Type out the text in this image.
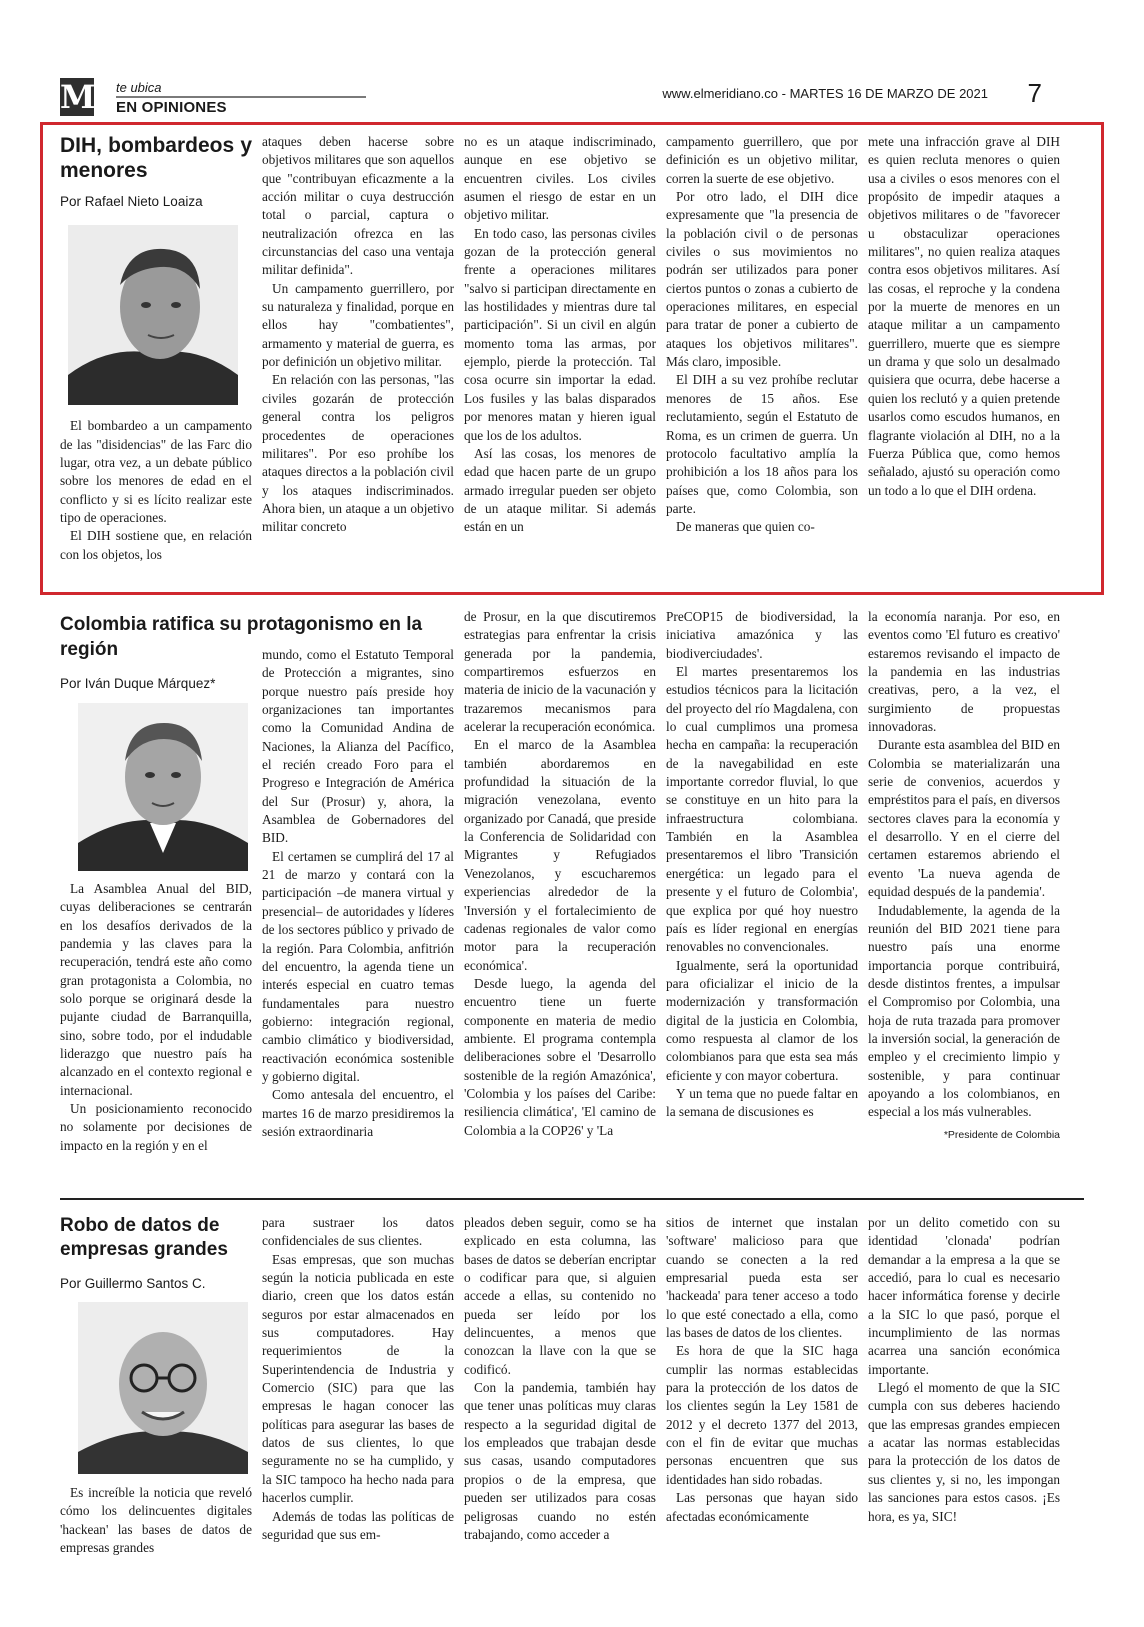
M te ubica
EN OPINIONES
www.elmeridiano.co - MARTES 16 DE MARZO DE 2021 7
DIH, bombardeos y menores
Por Rafael Nieto Loaiza

El bombardeo a un campamento de las "disidencias" de las Farc dio lugar, otra vez, a un debate público sobre los menores de edad en el conflicto y si es lícito realizar este tipo de operaciones.

El DIH sostiene que, en relación con los objetos, los

ataques deben hacerse sobre objetivos militares que son aquellos que "contribuyan eficazmente a la acción militar o cuya destrucción total o parcial, captura o neutralización ofrezca en las circunstancias del caso una ventaja militar definida".

Un campamento guerrillero, por su naturaleza y finalidad, porque en ellos hay "combatientes", armamento y material de guerra, es por definición un objetivo militar.

En relación con las personas, "las civiles gozarán de protección general contra los peligros procedentes de operaciones militares". Por eso prohíbe los ataques directos a la población civil y los ataques indiscriminados. Ahora bien, un ataque a un objetivo militar concreto

no es un ataque indiscriminado, aunque en ese objetivo se encuentren civiles. Los civiles asumen el riesgo de estar en un objetivo militar.

En todo caso, las personas civiles gozan de la protección general frente a operaciones militares "salvo si participan directamente en las hostilidades y mientras dure tal participación". Si un civil en algún momento toma las armas, por ejemplo, pierde la protección. Tal cosa ocurre sin importar la edad. Los fusiles y las balas disparados por menores matan y hieren igual que los de los adultos.

Así las cosas, los menores de edad que hacen parte de un grupo armado irregular pueden ser objeto de un ataque militar. Si además están en un

campamento guerrillero, que por definición es un objetivo militar, corren la suerte de ese objetivo.

Por otro lado, el DIH dice expresamente que "la presencia de la población civil o de personas civiles o sus movimientos no podrán ser utilizados para poner ciertos puntos o zonas a cubierto de operaciones militares, en especial para tratar de poner a cubierto de ataques los objetivos militares". Más claro, imposible.

El DIH a su vez prohíbe reclutar menores de 15 años. Ese reclutamiento, según el Estatuto de Roma, es un crimen de guerra. Un protocolo facultativo amplía la prohibición a los 18 años para los países que, como Colombia, son parte.

De maneras que quien co-

mete una infracción grave al DIH es quien recluta menores o quien usa a civiles o esos menores con el propósito de impedir ataques a objetivos militares o de "favorecer u obstaculizar operaciones militares", no quien realiza ataques contra esos objetivos militares. Así las cosas, el reproche y la condena por la muerte de menores en un ataque militar a un campamento guerrillero, muerte que es siempre un drama y que solo un desalmado quisiera que ocurra, debe hacerse a quien los reclutó y a quien pretende usarlos como escudos humanos, en flagrante violación al DIH, no a la Fuerza Pública que, como hemos señalado, ajustó su operación como un todo a lo que el DIH ordena.

Colombia ratifica su protagonismo en la región
Por Iván Duque Márquez*

La Asamblea Anual del BID, cuyas deliberaciones se centrarán en los desafíos derivados de la pandemia y las claves para la recuperación, tendrá este año como gran protagonista a Colombia, no solo porque se originará desde la pujante ciudad de Barranquilla, sino, sobre todo, por el indudable liderazgo que nuestro país ha alcanzado en el contexto regional e internacional.

Un posicionamiento reconocido no solamente por decisiones de impacto en la región y en el

mundo, como el Estatuto Temporal de Protección a migrantes, sino porque nuestro país preside hoy organizaciones tan importantes como la Comunidad Andina de Naciones, la Alianza del Pacífico, el recién creado Foro para el Progreso e Integración de América del Sur (Prosur) y, ahora, la Asamblea de Gobernadores del BID.

El certamen se cumplirá del 17 al 21 de marzo y contará con la participación –de manera virtual y presencial– de autoridades y líderes de los sectores público y privado de la región. Para Colombia, anfitrión del encuentro, la agenda tiene un interés especial en cuatro temas fundamentales para nuestro gobierno: integración regional, cambio climático y biodiversidad, reactivación económica sostenible y gobierno digital.

Como antesala del encuentro, el martes 16 de marzo presidiremos la sesión extraordinaria

de Prosur, en la que discutiremos estrategias para enfrentar la crisis generada por la pandemia, compartiremos esfuerzos en materia de inicio de la vacunación y trazaremos mecanismos para acelerar la recuperación económica.

En el marco de la Asamblea también abordaremos en profundidad la situación de la migración venezolana, evento organizado por Canadá, que preside la Conferencia de Solidaridad con Migrantes y Refugiados Venezolanos, y escucharemos experiencias alrededor de la 'Inversión y el fortalecimiento de cadenas regionales de valor como motor para la recuperación económica'.

Desde luego, la agenda del encuentro tiene un fuerte componente en materia de medio ambiente. El programa contempla deliberaciones sobre el 'Desarrollo sostenible de la región Amazónica', 'Colombia y los países del Caribe: resiliencia climática', 'El camino de Colombia a la COP26' y 'La

PreCOP15 de biodiversidad, la iniciativa amazónica y las biodiverciudades'.

El martes presentaremos los estudios técnicos para la licitación del proyecto del río Magdalena, con lo cual cumplimos una promesa hecha en campaña: la recuperación de la navegabilidad en este importante corredor fluvial, lo que se constituye en un hito para la infraestructura colombiana. También en la Asamblea presentaremos el libro 'Transición energética: un legado para el presente y el futuro de Colombia', que explica por qué hoy nuestro país es líder regional en energías renovables no convencionales.

Igualmente, será la oportunidad para oficializar el inicio de la modernización y transformación digital de la justicia en Colombia, como respuesta al clamor de los colombianos para que esta sea más eficiente y con mayor cobertura.

Y un tema que no puede faltar en la semana de discusiones es

la economía naranja. Por eso, en eventos como 'El futuro es creativo' estaremos revisando el impacto de la pandemia en las industrias creativas, pero, a la vez, el surgimiento de propuestas innovadoras.

Durante esta asamblea del BID en Colombia se materializarán una serie de convenios, acuerdos y empréstitos para el país, en diversos sectores claves para la economía y el desarrollo. Y en el cierre del certamen estaremos abriendo el evento 'La nueva agenda de equidad después de la pandemia'.

Indudablemente, la agenda de la reunión del BID 2021 tiene para nuestro país una enorme importancia porque contribuirá, desde distintos frentes, a impulsar el Compromiso por Colombia, una hoja de ruta trazada para promover la inversión social, la generación de empleo y el crecimiento limpio y sostenible, y para continuar apoyando a los colombianos, en especial a los más vulnerables.

*Presidente de Colombia
Robo de datos de empresas grandes
Por Guillermo Santos C.

Es increíble la noticia que reveló cómo los delincuentes digitales 'hackean' las bases de datos de empresas grandes

para sustraer los datos confidenciales de sus clientes.

Esas empresas, que son muchas según la noticia publicada en este diario, creen que los datos están seguros por estar almacenados en sus computadores. Hay requerimientos de la Superintendencia de Industria y Comercio (SIC) para que las empresas le hagan conocer las políticas para asegurar las bases de datos de sus clientes, lo que seguramente no se ha cumplido, y la SIC tampoco ha hecho nada para hacerlos cumplir.

Además de todas las políticas de seguridad que sus em-

pleados deben seguir, como se ha explicado en esta columna, las bases de datos se deberían encriptar o codificar para que, si alguien accede a ellas, su contenido no pueda ser leído por los delincuentes, a menos que conozcan la llave con la que se codificó.

Con la pandemia, también hay que tener unas políticas muy claras respecto a la seguridad digital de los empleados que trabajan desde sus casas, usando computadores propios o de la empresa, que pueden ser utilizados para cosas peligrosas cuando no estén trabajando, como acceder a

sitios de internet que instalan 'software' malicioso para que cuando se conecten a la red empresarial pueda esta ser 'hackeada' para tener acceso a todo lo que esté conectado a ella, como las bases de datos de los clientes.

Es hora de que la SIC haga cumplir las normas establecidas para la protección de los datos de los clientes según la Ley 1581 de 2012 y el decreto 1377 del 2013, con el fin de evitar que muchas personas encuentren que sus identidades han sido robadas.

Las personas que hayan sido afectadas económicamente

por un delito cometido con su identidad 'clonada' podrían demandar a la empresa a la que se accedió, para lo cual es necesario hacer informática forense y decirle a la SIC lo que pasó, porque el incumplimiento de las normas acarrea una sanción económica importante.

Llegó el momento de que la SIC cumpla con sus deberes haciendo que las empresas grandes empiecen a acatar las normas establecidas para la protección de los datos de sus clientes y, si no, les impongan las sanciones para estos casos. ¡Es hora, es ya, SIC!
